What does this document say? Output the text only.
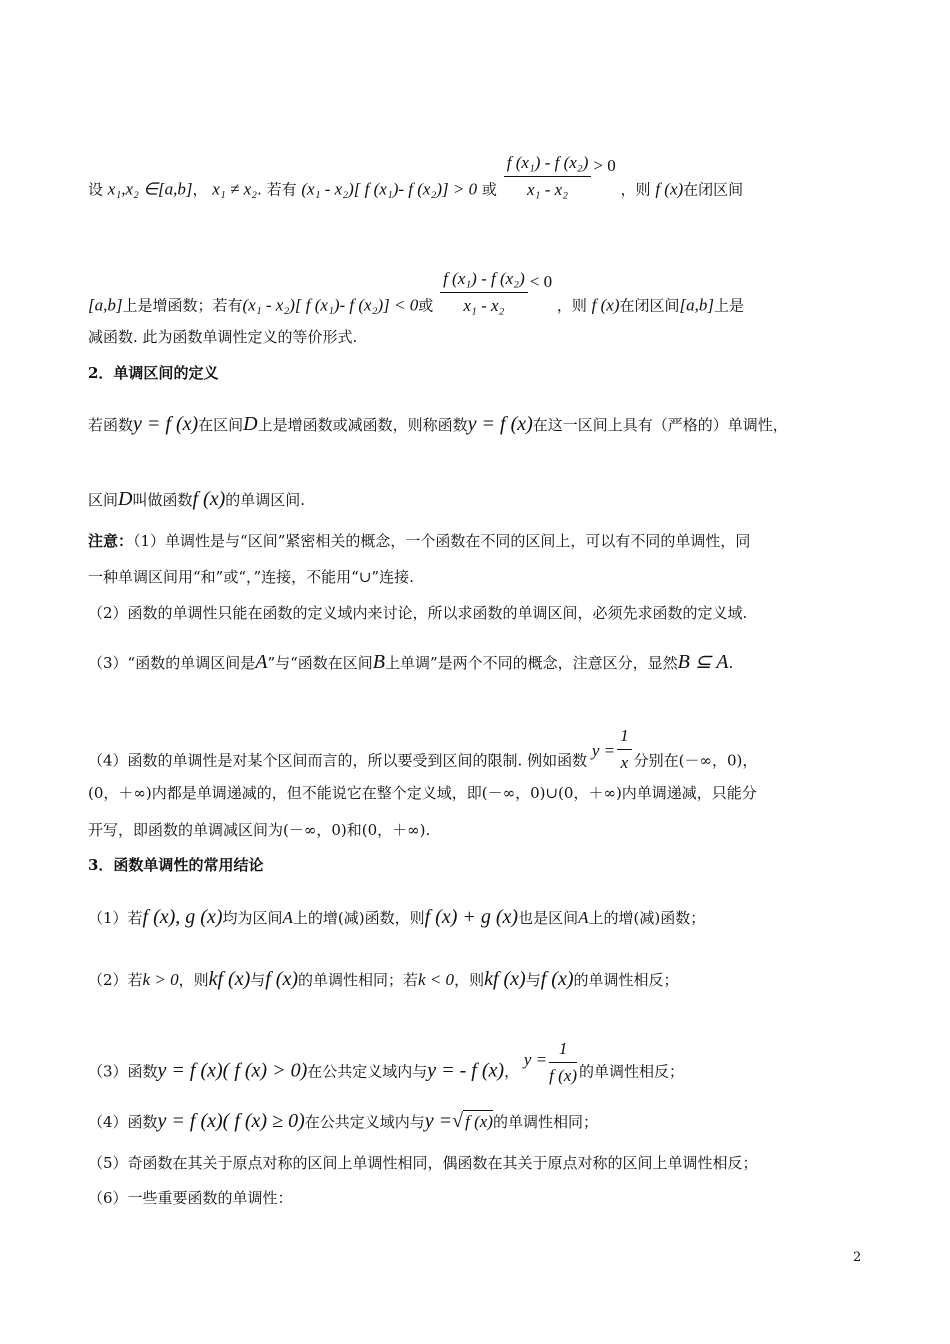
设 x₁,x₂ ∈[a,b]， x₁ ≠ x₂. 若有 (x₁ - x₂)[ f (x₁)- f (x₂)] > 0 或 $\frac{\text{f (x₁) - f (x₂)}}{\text{x₁ - x₂}} > 0$ ，则 f (x)在闭区间
[a,b]上是增函数；若有(x₁ - x₂)[ f (x₁)- f (x₂)] < 0或 $\frac{\text{f (x₁) - f (x₂)}}{\text{x₁ - x₂}} < 0$ ，则 f (x)在闭区间[a,b]上是
减函数. 此为函数单调性定义的等价形式.
2．单调区间的定义
若函数y = f (x)在区间D上是增函数或减函数，则称函数y = f (x)在这一区间上具有（严格的）单调性，
区间D叫做函数f (x)的单调区间.
注意：（1）单调性是与“区间”紧密相关的概念，一个函数在不同的区间上，可以有不同的单调性，同
一种单调区间用“和”或“，”连接，不能用“∪”连接.
（2）函数的单调性只能在函数的定义域内来讨论，所以求函数的单调区间，必须先求函数的定义域.
（3）“函数的单调区间是A”与“函数在区间B上单调”是两个不同的概念，注意区分，显然B ⊆ A.
（4）函数的单调性是对某个区间而言的，所以要受到区间的限制. 例如函数 $y = \frac{1}{x}$ 分别在(－∞，0)，
(0，＋∞)内都是单调递减的，但不能说它在整个定义域，即(－∞，0)∪(0，＋∞)内单调递减，只能分
开写，即函数的单调减区间为(－∞，0)和(0，＋∞).
3．函数单调性的常用结论
（1）若f (x), g (x)均为区间A上的增(减)函数，则f (x) + g (x)也是区间A上的增(减)函数；
（2）若k > 0，则kf (x)与f (x)的单调性相同；若k < 0，则kf (x)与f (x)的单调性相反；
（3）函数y = f (x)( f (x) > 0)在公共定义域内与y = - f (x)， $y = \frac{1}{f (x)}$ 的单调性相反；
（4）函数y = f (x)( f (x) ≥ 0)在公共定义域内与y =√ f (x)的单调性相同；
（5）奇函数在其关于原点对称的区间上单调性相同，偶函数在其关于原点对称的区间上单调性相反；
（6）一些重要函数的单调性：
2
